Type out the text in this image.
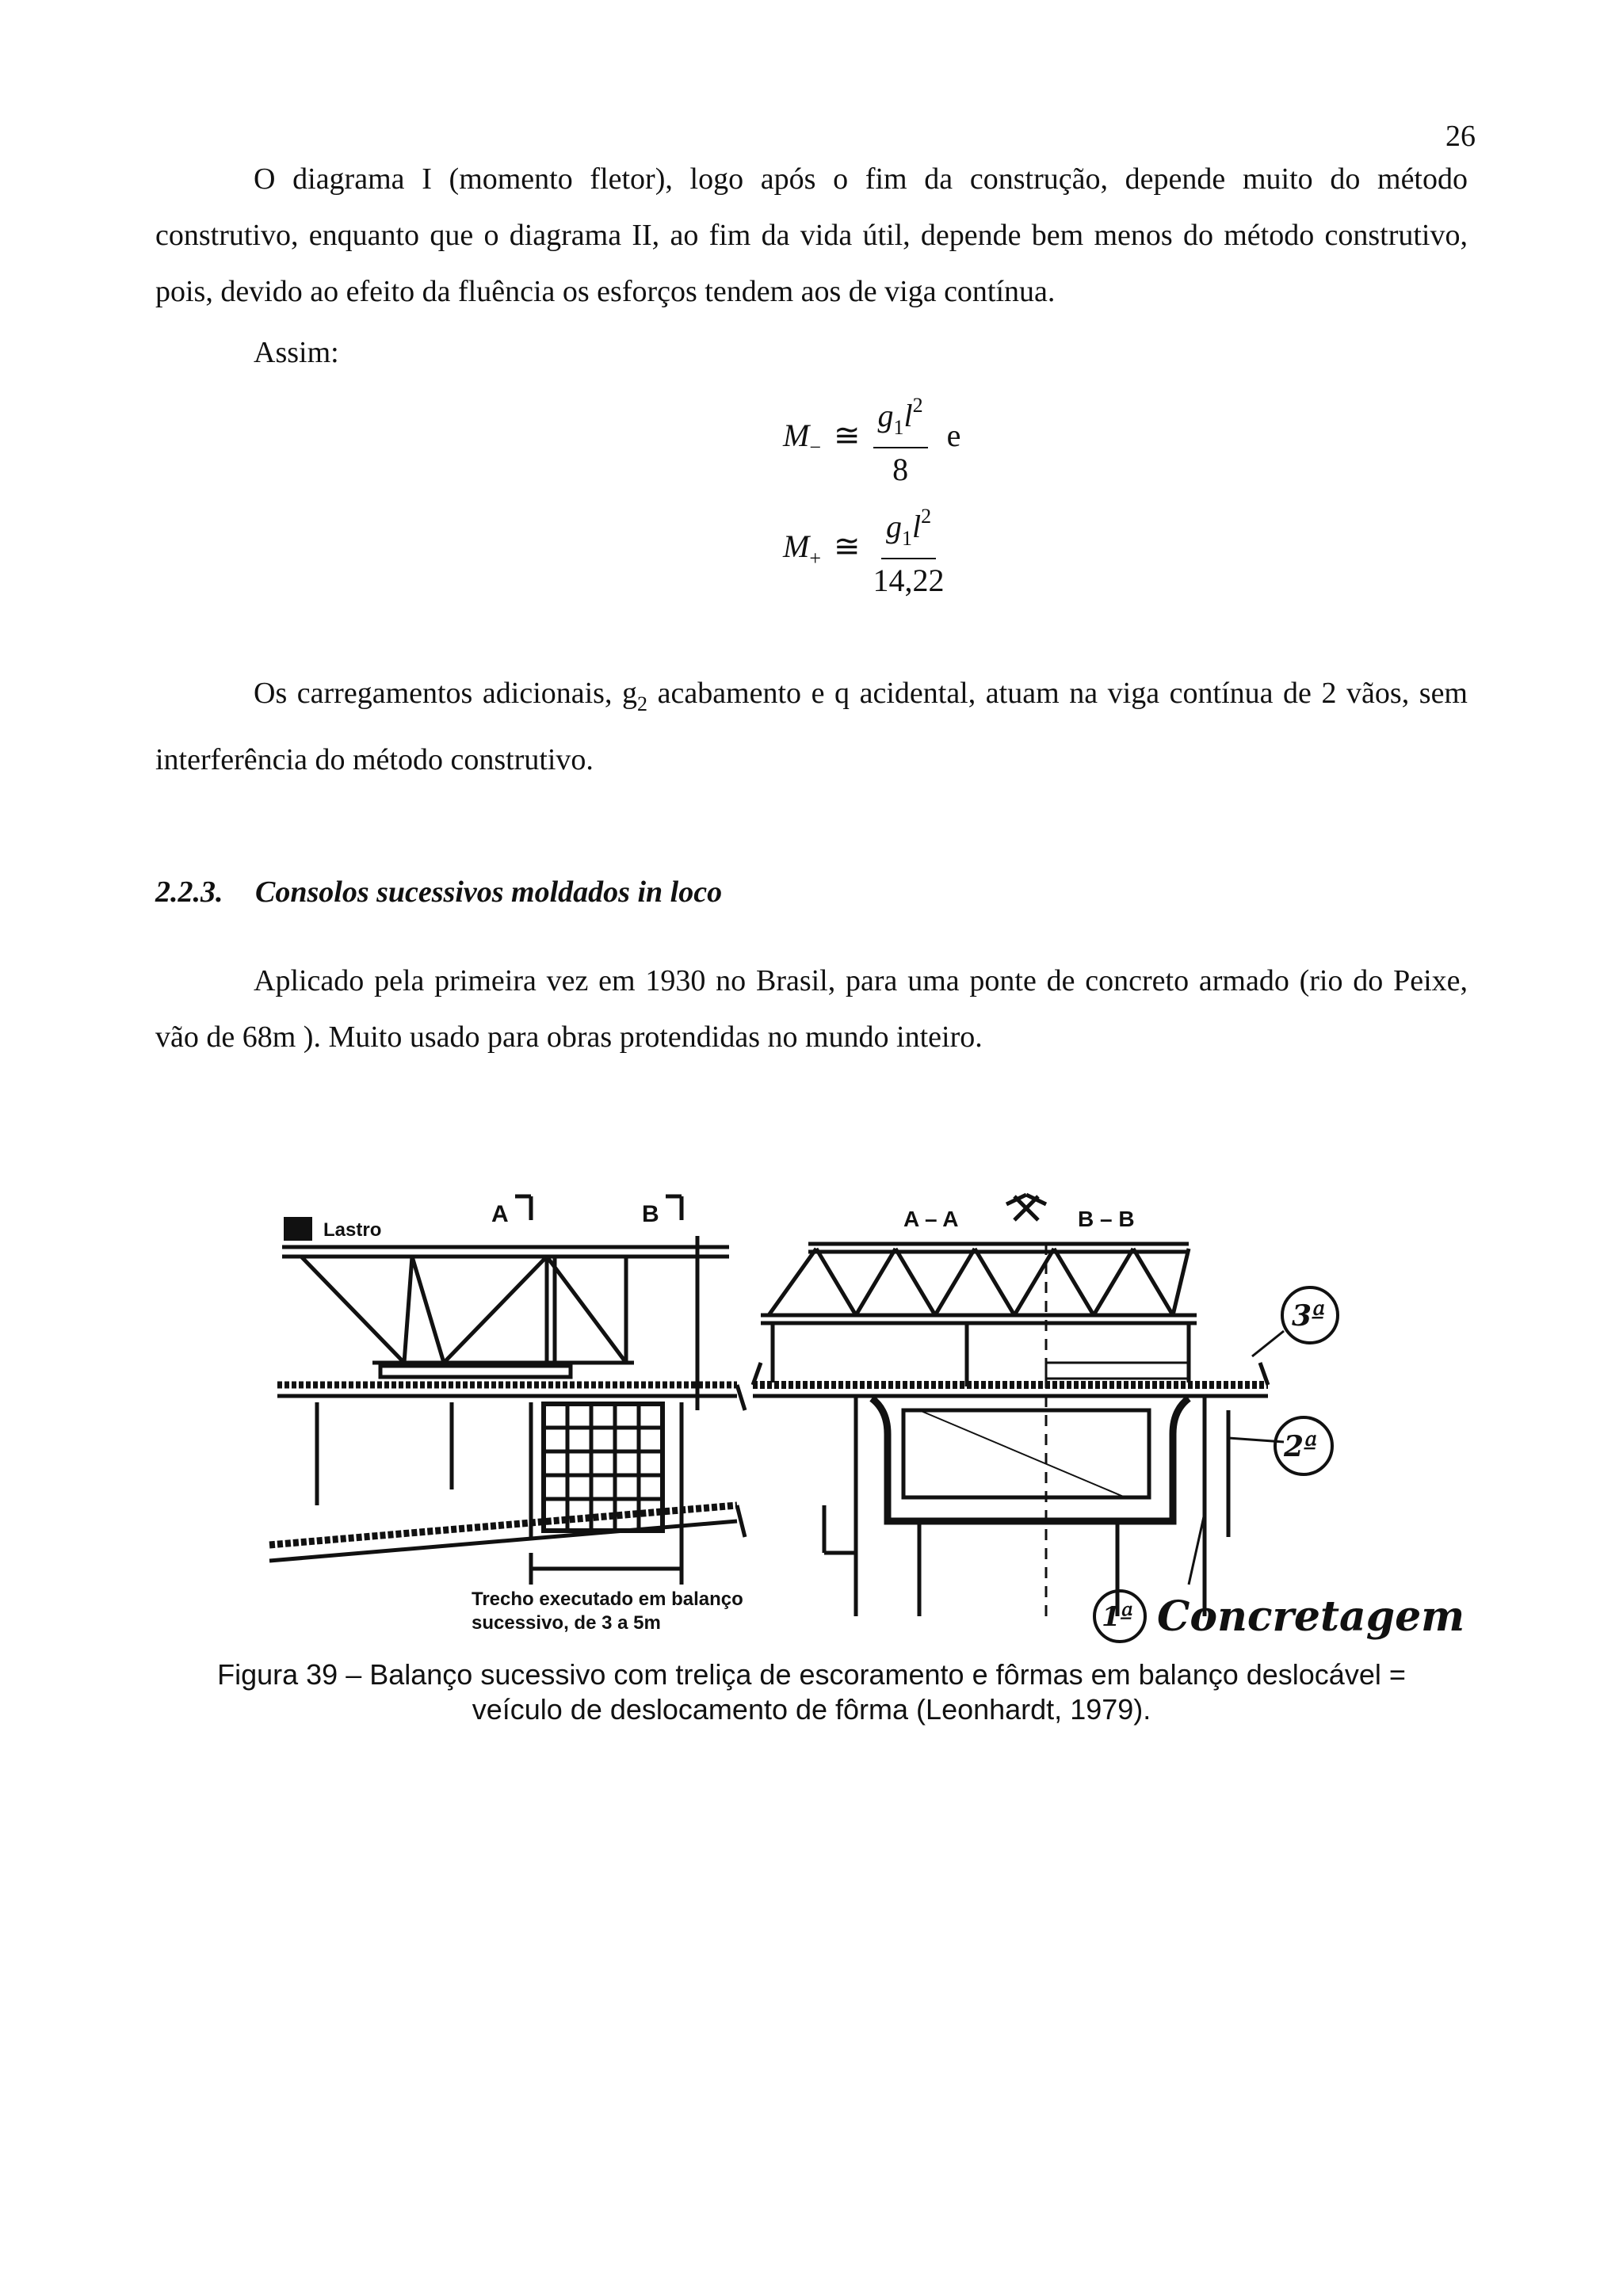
26

O diagrama I (momento fletor), logo após o fim da construção, depende muito do método construtivo, enquanto que o diagrama II, ao fim da vida útil, depende bem menos do método construtivo, pois, devido ao efeito da fluência os esforços tendem aos de viga contínua.

Assim:

$M_-$ ≅ $\frac{g_1l^2}{8}$ e
$M_+$ ≅ $\frac{g_1l^2}{14,22}$

Os carregamentos adicionais, $g_2$ acabamento e q acidental, atuam na viga contínua de 2 vãos, sem interferência do método construtivo.

2.2.3. Consolos sucessivos moldados in loco

Aplicado pela primeira vez em 1930 no Brasil, para uma ponte de concreto armado (rio do Peixe, vão de 68m ). Muito usado para obras protendidas no mundo inteiro.

Lastro
A	B
Trecho executado em balanço
sucessivo, de 3 a 5m
A – A	B – B
3ª
2ª
1ª Concretagem

Figura 39 – Balanço sucessivo com treliça de escoramento e fôrmas em balanço deslocável =
veículo de deslocamento de fôrma (Leonhardt, 1979).
